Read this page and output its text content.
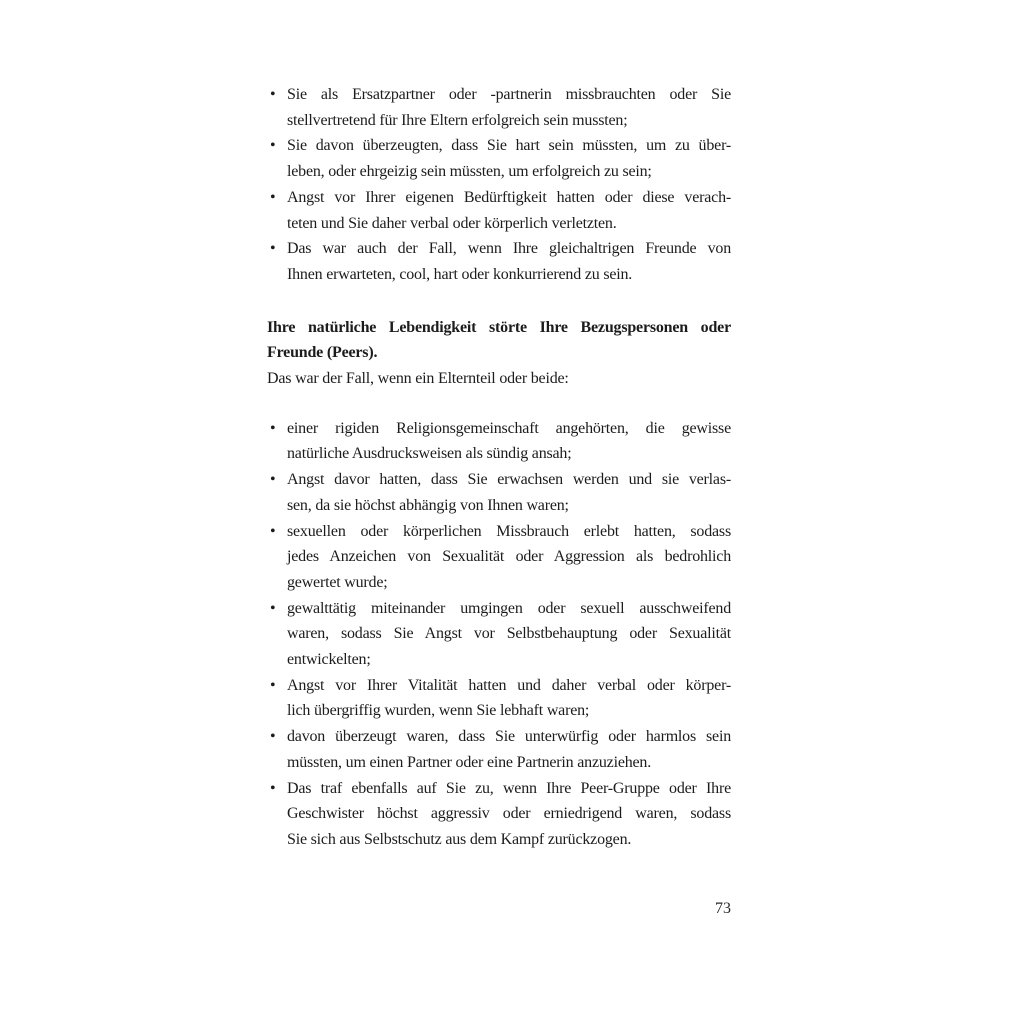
• Sie als Ersatzpartner oder -partnerin missbrauchten oder Sie
stellvertretend für Ihre Eltern erfolgreich sein mussten;
• Sie davon überzeugten, dass Sie hart sein müssten, um zu über-
leben, oder ehrgeizig sein müssten, um erfolgreich zu sein;
• Angst vor Ihrer eigenen Bedürftigkeit hatten oder diese verach-
teten und Sie daher verbal oder körperlich verletzten.
• Das war auch der Fall, wenn Ihre gleichaltrigen Freunde von
Ihnen erwarteten, cool, hart oder konkurrierend zu sein.
Ihre natürliche Lebendigkeit störte Ihre Bezugspersonen oder
Freunde (Peers).
Das war der Fall, wenn ein Elternteil oder beide:
• einer rigiden Religionsgemeinschaft angehörten, die gewisse
natürliche Ausdrucksweisen als sündig ansah;
• Angst davor hatten, dass Sie erwachsen werden und sie verlas-
sen, da sie höchst abhängig von Ihnen waren;
• sexuellen oder körperlichen Missbrauch erlebt hatten, sodass
jedes Anzeichen von Sexualität oder Aggression als bedrohlich
gewertet wurde;
• gewalttätig miteinander umgingen oder sexuell ausschweifend
waren, sodass Sie Angst vor Selbstbehauptung oder Sexualität
entwickelten;
• Angst vor Ihrer Vitalität hatten und daher verbal oder körper-
lich übergriffig wurden, wenn Sie lebhaft waren;
• davon überzeugt waren, dass Sie unterwürfig oder harmlos sein
müssten, um einen Partner oder eine Partnerin anzuziehen.
• Das traf ebenfalls auf Sie zu, wenn Ihre Peer-Gruppe oder Ihre
Geschwister höchst aggressiv oder erniedrigend waren, sodass
Sie sich aus Selbstschutz aus dem Kampf zurückzogen.
73
